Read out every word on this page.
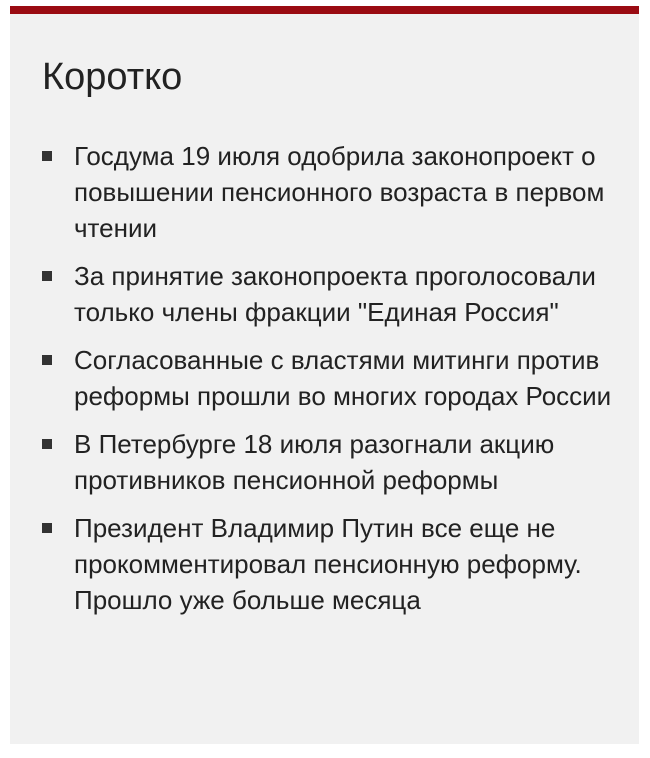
Коротко
Госдума 19 июля одобрила законопроект о повышении пенсионного возраста в первом чтении
За принятие законопроекта проголосовали только члены фракции "Единая Россия"
Согласованные с властями митинги против реформы прошли во многих городах России
В Петербурге 18 июля разогнали акцию противников пенсионной реформы
Президент Владимир Путин все еще не прокомментировал пенсионную реформу. Прошло уже больше месяца
